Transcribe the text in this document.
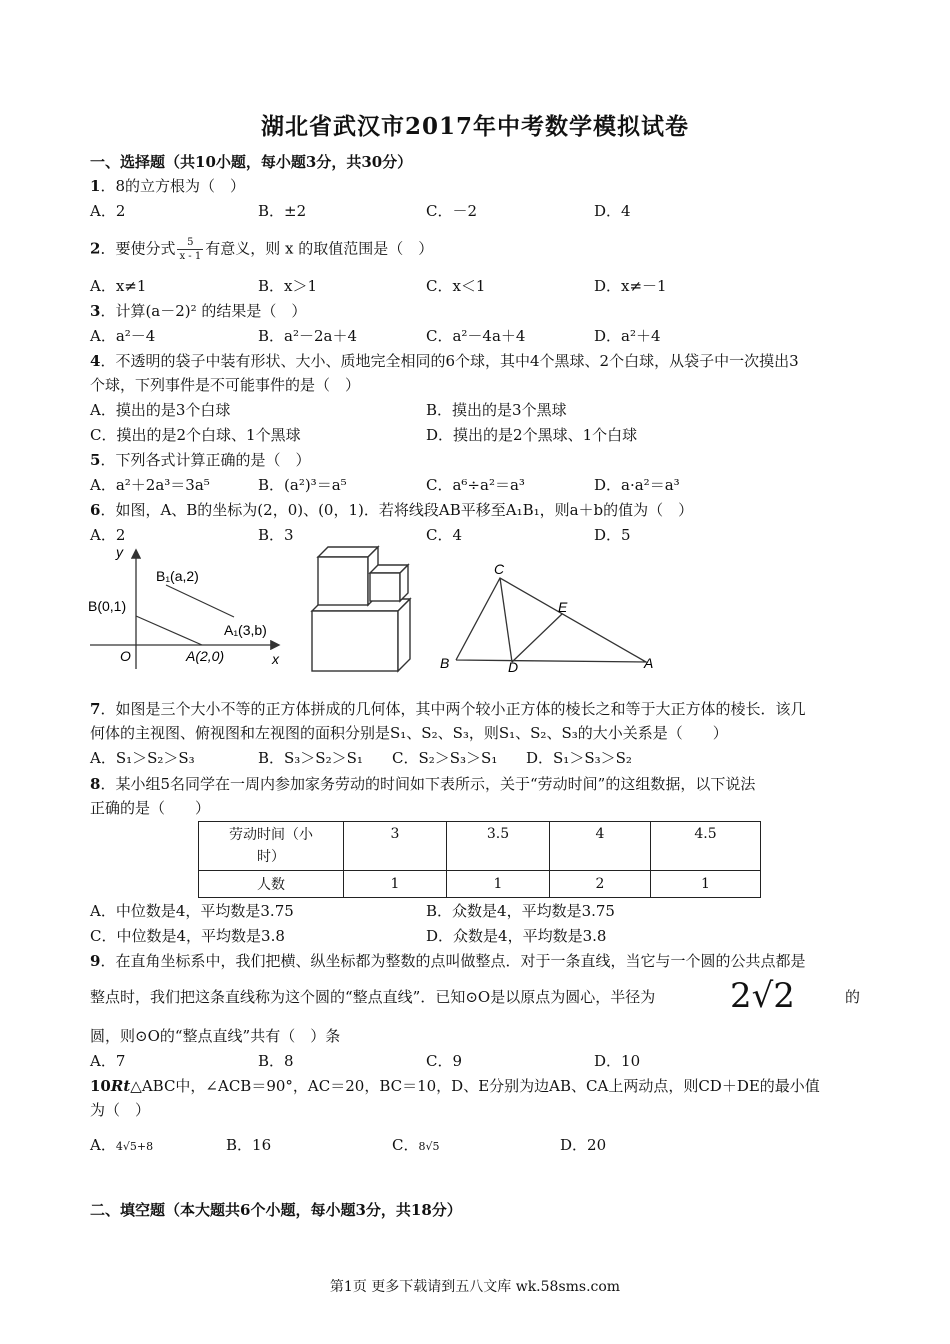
湖北省武汉市2017年中考数学模拟试卷
一、选择题（共10小题，每小题3分，共30分）
1．8的立方根为（　）
A．2	B．±2	C．－2	D．4
2．要使分式 $\frac{5}{x - 1}$ 有意义，则 x 的取值范围是（　）
A．x≠1	B．x＞1	C．x＜1	D．x≠－1
3．计算(a－2)² 的结果是（　）
A．a²－4	B．a²－2a＋4	C．a²－4a＋4	D．a²＋4
4．不透明的袋子中装有形状、大小、质地完全相同的6个球，其中4个黑球、2个白球，从袋子中一次摸出3
个球，下列事件是不可能事件的是（　）
A．摸出的是3个白球	B．摸出的是3个黑球
C．摸出的是2个白球、1个黑球	D．摸出的是2个黑球、1个白球
5．下列各式计算正确的是（　）
A．a²＋2a³＝3a⁵	B．(a²)³＝a⁵	C．a⁶÷a²＝a³	D．a·a²＝a³
6．如图，A、B的坐标为(2，0)、(0，1)．若将线段AB平移至A₁B₁，则a＋b的值为（　）
A．2	B．3	C．4	D．5
y
x
O
B(0,1)
A(2,0)
B₁(a,2)
A₁(3,b)
C
E
B	D	A
7．如图是三个大小不等的正方体拼成的几何体，其中两个较小正方体的棱长之和等于大正方体的棱长．该几
何体的主视图、俯视图和左视图的面积分别是S₁、S₂、S₃，则S₁、S₂、S₃的大小关系是（　　）
A．S₁＞S₂＞S₃	B．S₃＞S₂＞S₁ C．S₂＞S₃＞S₁ D．S₁＞S₃＞S₂
8．某小组5名同学在一周内参加家务劳动的时间如下表所示，关于“劳动时间”的这组数据，以下说法
正确的是（　　）
劳动时间（小
时）	3	3.5	4	4.5
人数	1	1	2	1
A．中位数是4，平均数是3.75	B．众数是4，平均数是3.75
C．中位数是4，平均数是3.8	D．众数是4，平均数是3.8
9．在直角坐标系中，我们把横、纵坐标都为整数的点叫做整点．对于一条直线，当它与一个圆的公共点都是
整点时，我们把这条直线称为这个圆的“整点直线”．已知⊙O是以原点为圆心，半径为 2√2	的
圆，则⊙O的“整点直线”共有（　）条
A．7	B．8	C．9	D．10
10Rt△ABC中，∠ACB＝90°，AC＝20，BC＝10，D、E分别为边AB、CA上两动点，则CD＋DE的最小值
为（　）
A．4√5+8	B．16	C．8√5	D．20
二、填空题（本大题共6个小题，每小题3分，共18分）
第1页 更多下载请到五八文库 wk.58sms.com
